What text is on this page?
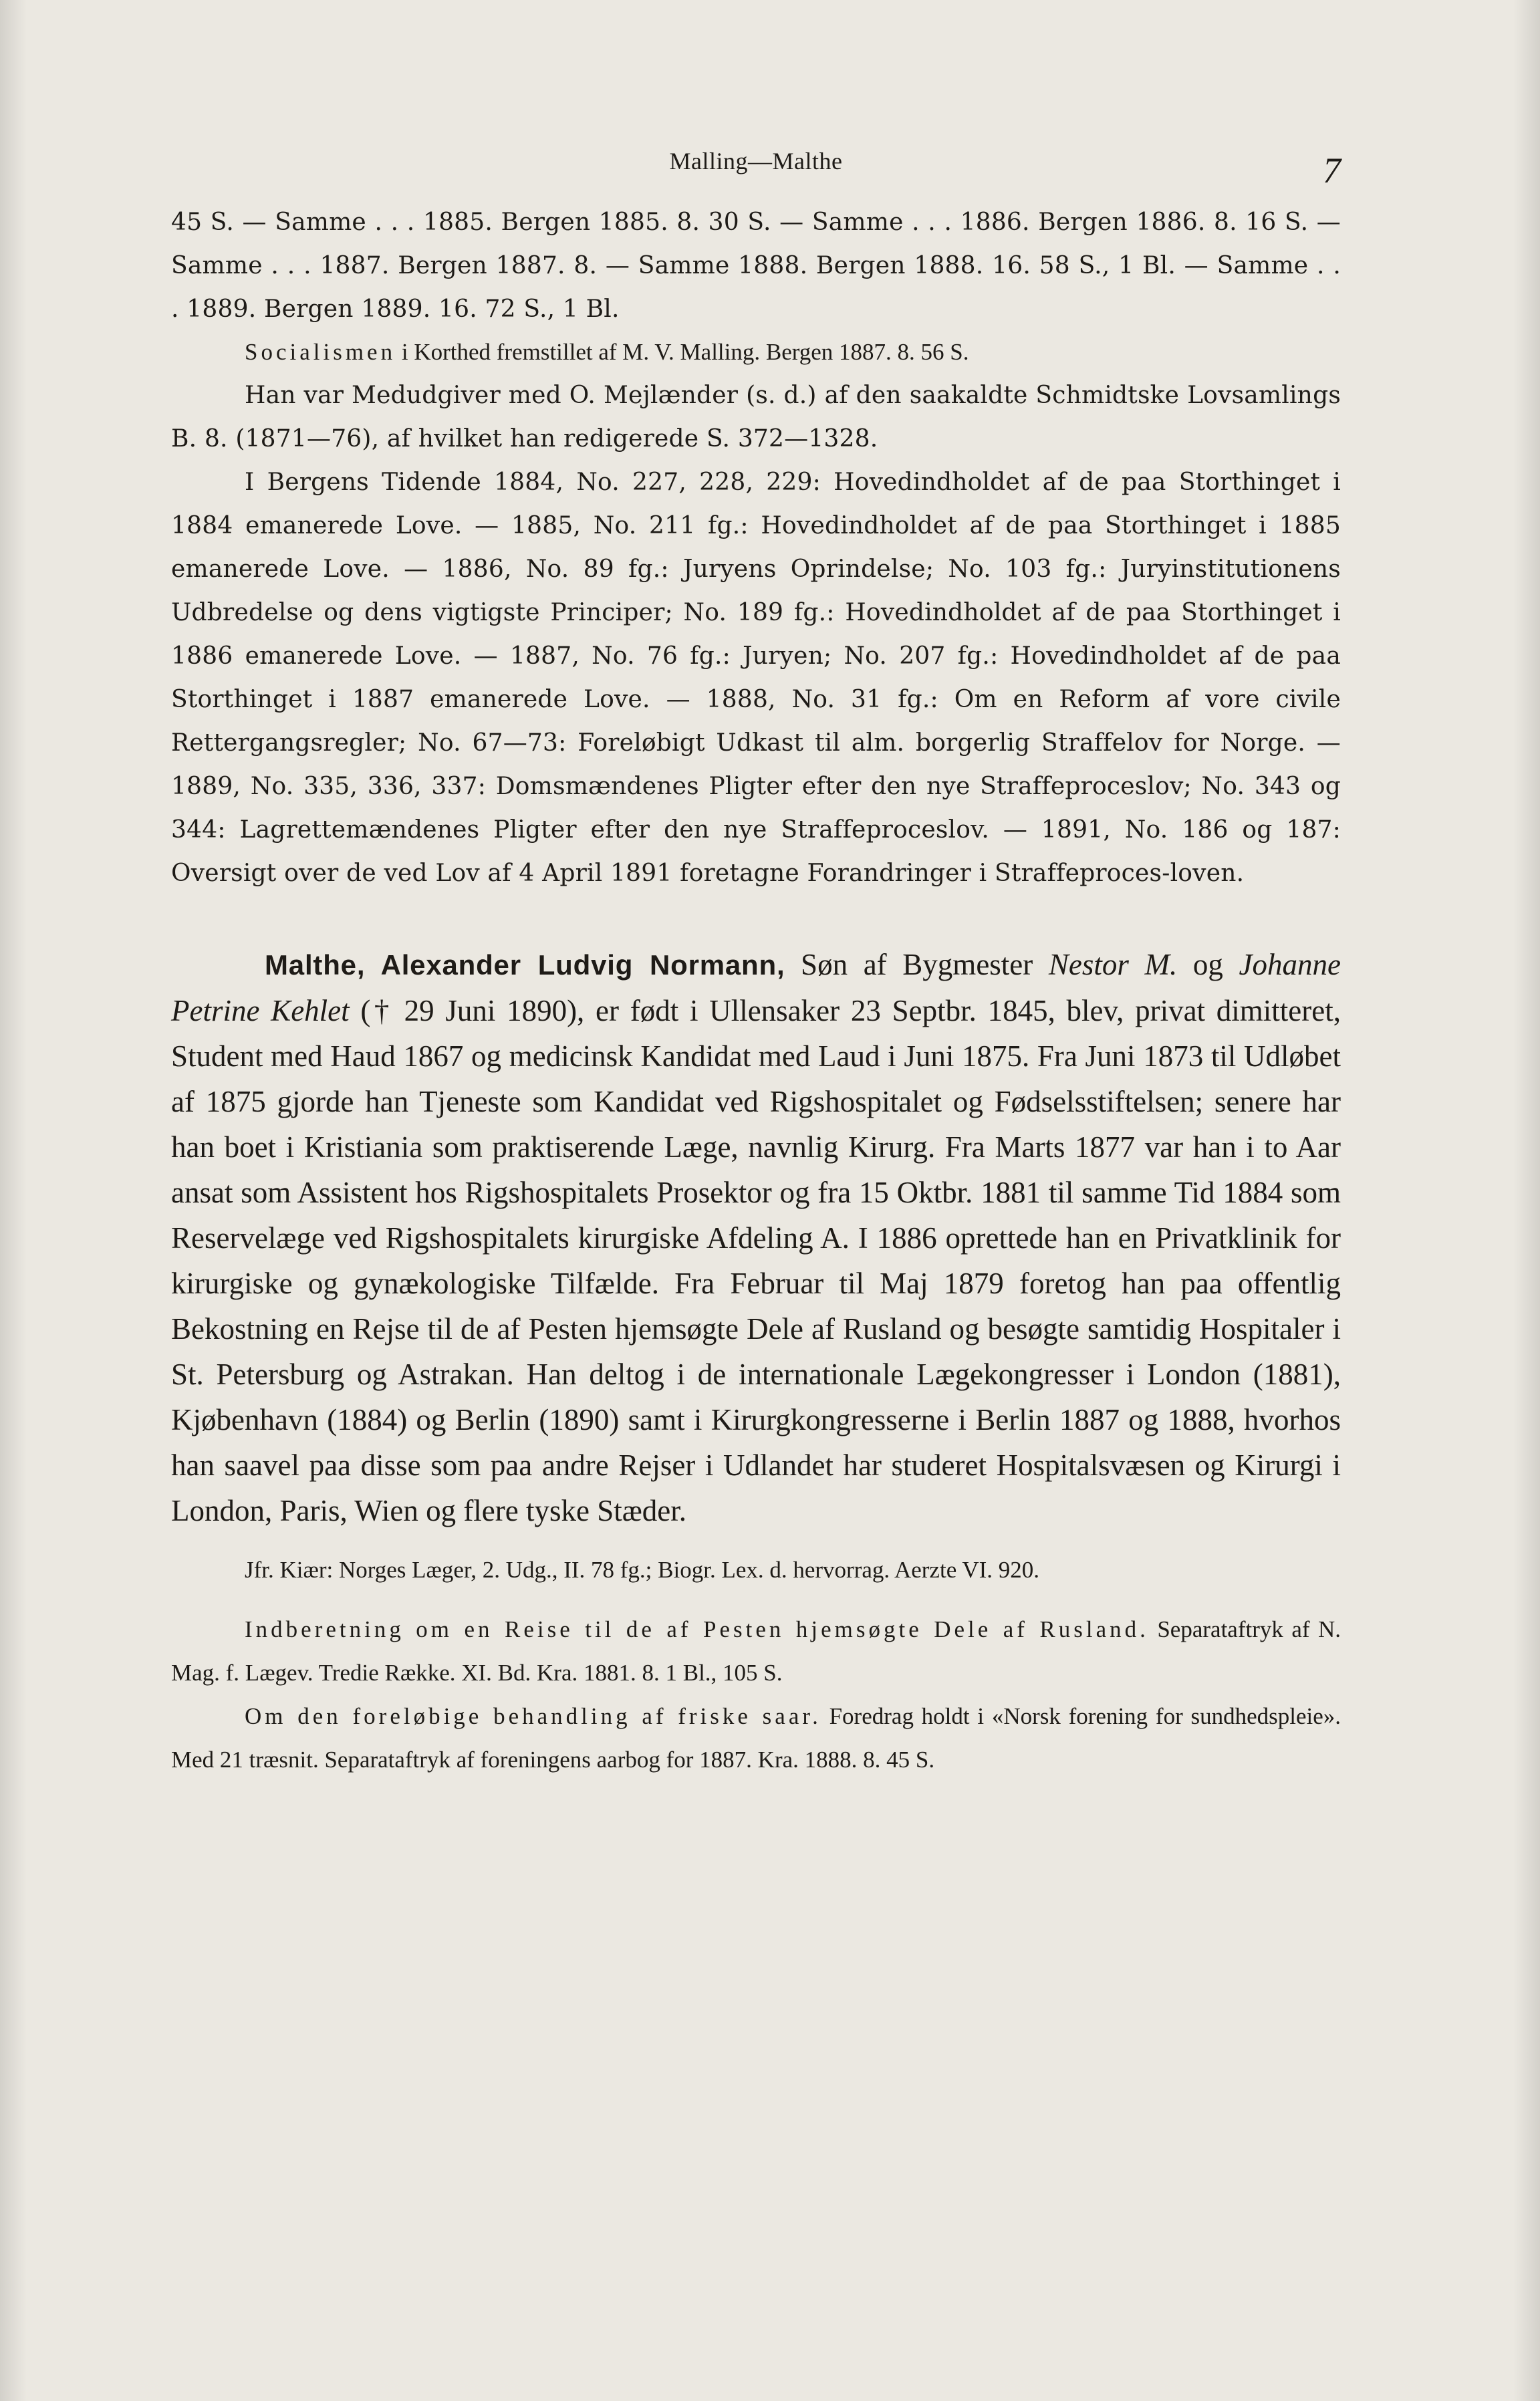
Malling—Malthe	7

45 S. — Samme . . . 1885. Bergen 1885. 8. 30 S. — Samme . . . 1886. Bergen 1886. 8. 16 S. — Samme . . . 1887. Bergen 1887. 8. — Samme 1888. Bergen 1888. 16. 58 S., 1 Bl. — Samme . . . 1889. Bergen 1889. 16. 72 S., 1 Bl.

Socialismen i Korthed fremstillet af M. V. Malling. Bergen 1887. 8. 56 S.

Han var Medudgiver med O. Mejlænder (s. d.) af den saakaldte Schmidtske Lovsamlings B. 8. (1871—76), af hvilket han redigerede S. 372—1328.

I Bergens Tidende 1884, No. 227, 228, 229: Hovedindholdet af de paa Storthinget i 1884 emanerede Love. — 1885, No. 211 fg.: Hovedindholdet af de paa Storthinget i 1885 emanerede Love. — 1886, No. 89 fg.: Juryens Oprindelse; No. 103 fg.: Juryinstitutionens Udbredelse og dens vigtigste Principer; No. 189 fg.: Hovedindholdet af de paa Storthinget i 1886 emanerede Love. — 1887, No. 76 fg.: Juryen; No. 207 fg.: Hovedindholdet af de paa Storthinget i 1887 emanerede Love. — 1888, No. 31 fg.: Om en Reform af vore civile Rettergangsregler; No. 67—73: Foreløbigt Udkast til alm. borgerlig Straffelov for Norge. — 1889, No. 335, 336, 337: Domsmændenes Pligter efter den nye Straffeproceslov; No. 343 og 344: Lagrettemændenes Pligter efter den nye Straffeproceslov. — 1891, No. 186 og 187: Oversigt over de ved Lov af 4 April 1891 foretagne Forandringer i Straffeproces-loven.

Malthe, Alexander Ludvig Normann, Søn af Bygmester Nestor M. og Johanne Petrine Kehlet († 29 Juni 1890), er født i Ullensaker 23 Septbr. 1845, blev, privat dimitteret, Student med Haud 1867 og medicinsk Kandidat med Laud i Juni 1875. Fra Juni 1873 til Udløbet af 1875 gjorde han Tjeneste som Kandidat ved Rigshospitalet og Fødselsstiftelsen; senere har han boet i Kristiania som praktiserende Læge, navnlig Kirurg. Fra Marts 1877 var han i to Aar ansat som Assistent hos Rigshospitalets Prosektor og fra 15 Oktbr. 1881 til samme Tid 1884 som Reservelæge ved Rigshospitalets kirurgiske Afdeling A. I 1886 oprettede han en Privatklinik for kirurgiske og gynækologiske Tilfælde. Fra Februar til Maj 1879 foretog han paa offentlig Bekostning en Rejse til de af Pesten hjemsøgte Dele af Rusland og besøgte samtidig Hospitaler i St. Petersburg og Astrakan. Han deltog i de internationale Lægekongresser i London (1881), Kjøbenhavn (1884) og Berlin (1890) samt i Kirurgkongresserne i Berlin 1887 og 1888, hvorhos han saavel paa disse som paa andre Rejser i Udlandet har studeret Hospitalsvæsen og Kirurgi i London, Paris, Wien og flere tyske Stæder.

Jfr. Kiær: Norges Læger, 2. Udg., II. 78 fg.; Biogr. Lex. d. hervorrag. Aerzte VI. 920.

Indberetning om en Reise til de af Pesten hjemsøgte Dele af Rusland. Separataftryk af N. Mag. f. Lægev. Tredie Række. XI. Bd. Kra. 1881. 8. 1 Bl., 105 S.

Om den foreløbige behandling af friske saar. Foredrag holdt i «Norsk forening for sundhedspleie». Med 21 træsnit. Separataftryk af foreningens aarbog for 1887. Kra. 1888. 8. 45 S.
